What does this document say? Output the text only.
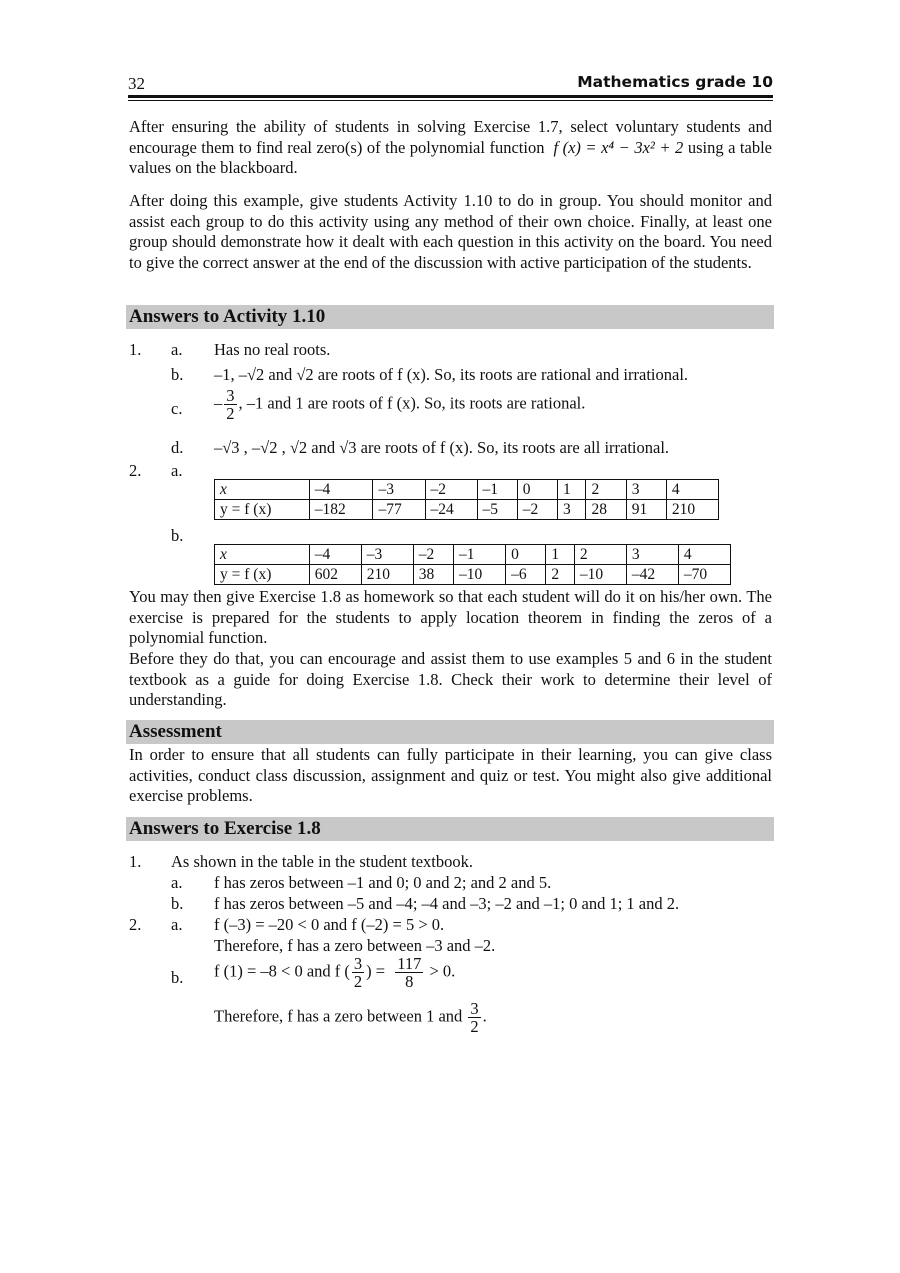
32	Mathematics grade 10

After ensuring the ability of students in solving Exercise 1.7, select voluntary students and encourage them to find real zero(s) of the polynomial function f (x) = x⁴ − 3x² + 2 using a table values on the blackboard.

After doing this example, give students Activity 1.10 to do in group. You should monitor and assist each group to do this activity using any method of their own choice. Finally, at least one group should demonstrate how it dealt with each question in this activity on the board. You need to give the correct answer at the end of the discussion with active participation of the students.

Answers to Activity 1.10
1. a. Has no real roots.
b. –1, –√2 and √2 are roots of f (x). So, its roots are rational and irrational.
c. – $\frac{3}{2}$ , –1 and 1 are roots of f (x). So, its roots are rational.
d. –√3 , –√2 , √2 and √3 are roots of f (x). So, its roots are all irrational.
2. a.
x	–4	–3	–2	–1	0	1	2	3	4
y = f (x)	–182	–77	–24	–5	–2	3	28	91	210
b.
x	–4	–3	–2	–1	0	1	2	3	4
y = f (x)	602	210	38	–10	–6	2	–10	–42	–70

You may then give Exercise 1.8 as homework so that each student will do it on his/her own. The exercise is prepared for the students to apply location theorem in finding the zeros of a polynomial function.

Before they do that, you can encourage and assist them to use examples 5 and 6 in the student textbook as a guide for doing Exercise 1.8. Check their work to determine their level of understanding.

Assessment

In order to ensure that all students can fully participate in their learning, you can give class activities, conduct class discussion, assignment and quiz or test. You might also give additional exercise problems.

Answers to Exercise 1.8
1. As shown in the table in the student textbook.
a. f has zeros between –1 and 0; 0 and 2; and 2 and 5.
b. f has zeros between –5 and –4; –4 and –3; –2 and –1; 0 and 1; 1 and 2.
2. a. f (–3) = –20 < 0 and f (–2) = 5 > 0.
Therefore, f has a zero between –3 and –2.
b. f (1) = –8 < 0 and f ( $\frac{3}{2}$ ) = $\frac{117}{8} > 0$.
Therefore, f has a zero between 1 and $\frac{3}{2}$ .
